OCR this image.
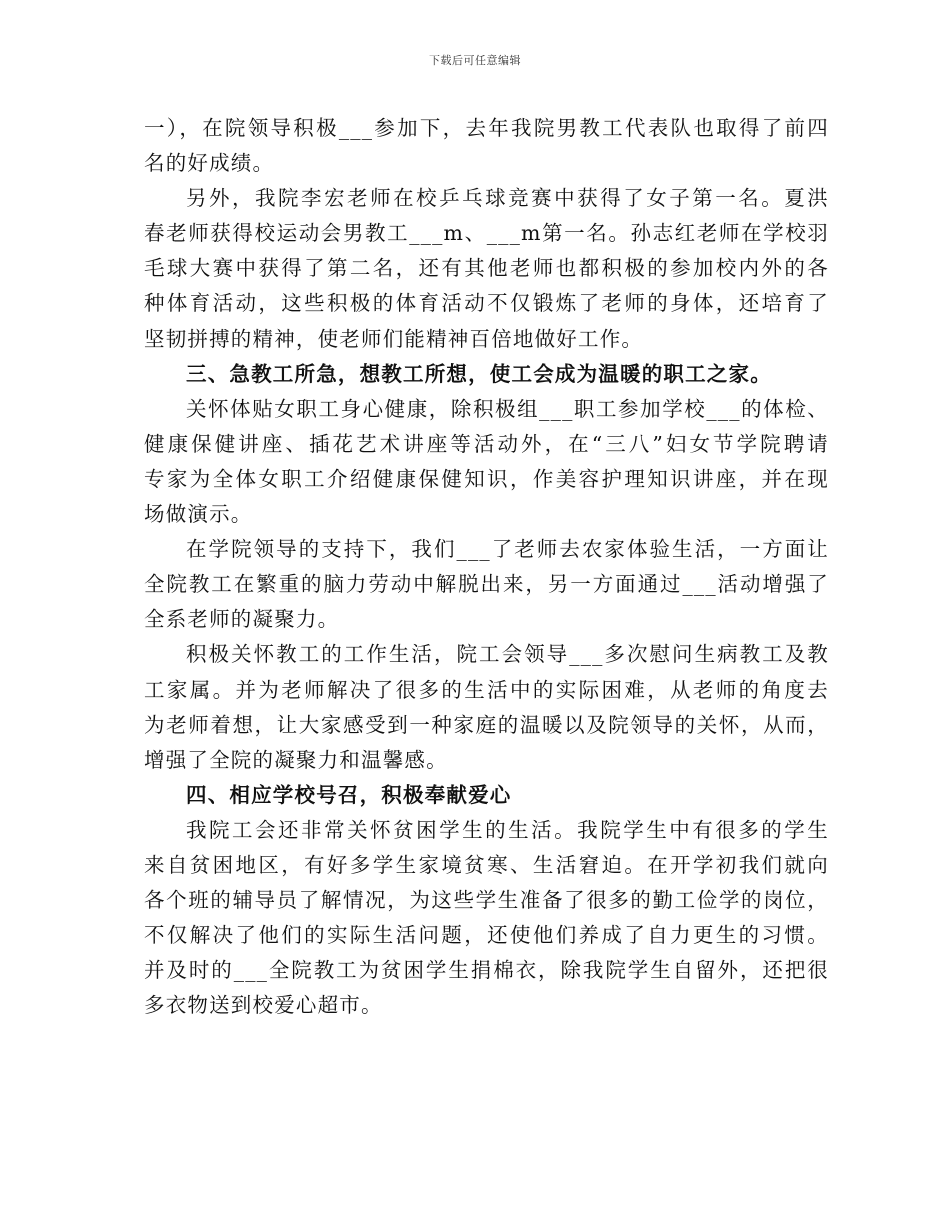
下载后可任意编辑
一），在院领导积极___参加下，去年我院男教工代表队也取得了前四
名的好成绩。
另外，我院李宏老师在校乒乓球竞赛中获得了女子第一名。夏洪
春老师获得校运动会男教工___m、___m第一名。孙志红老师在学校羽
毛球大赛中获得了第二名，还有其他老师也都积极的参加校内外的各
种体育活动，这些积极的体育活动不仅锻炼了老师的身体，还培育了
坚韧拼搏的精神，使老师们能精神百倍地做好工作。
三、急教工所急，想教工所想，使工会成为温暖的职工之家。
关怀体贴女职工身心健康，除积极组___职工参加学校___的体检、
健康保健讲座、插花艺术讲座等活动外，在“三八”妇女节学院聘请
专家为全体女职工介绍健康保健知识，作美容护理知识讲座，并在现
场做演示。
在学院领导的支持下，我们___了老师去农家体验生活，一方面让
全院教工在繁重的脑力劳动中解脱出来，另一方面通过___活动增强了
全系老师的凝聚力。
积极关怀教工的工作生活，院工会领导___多次慰问生病教工及教
工家属。并为老师解决了很多的生活中的实际困难，从老师的角度去
为老师着想，让大家感受到一种家庭的温暖以及院领导的关怀，从而，
增强了全院的凝聚力和温馨感。
四、相应学校号召，积极奉献爱心
我院工会还非常关怀贫困学生的生活。我院学生中有很多的学生
来自贫困地区，有好多学生家境贫寒、生活窘迫。在开学初我们就向
各个班的辅导员了解情况，为这些学生准备了很多的勤工俭学的岗位，
不仅解决了他们的实际生活问题，还使他们养成了自力更生的习惯。
并及时的___全院教工为贫困学生捐棉衣，除我院学生自留外，还把很
多衣物送到校爱心超市。
